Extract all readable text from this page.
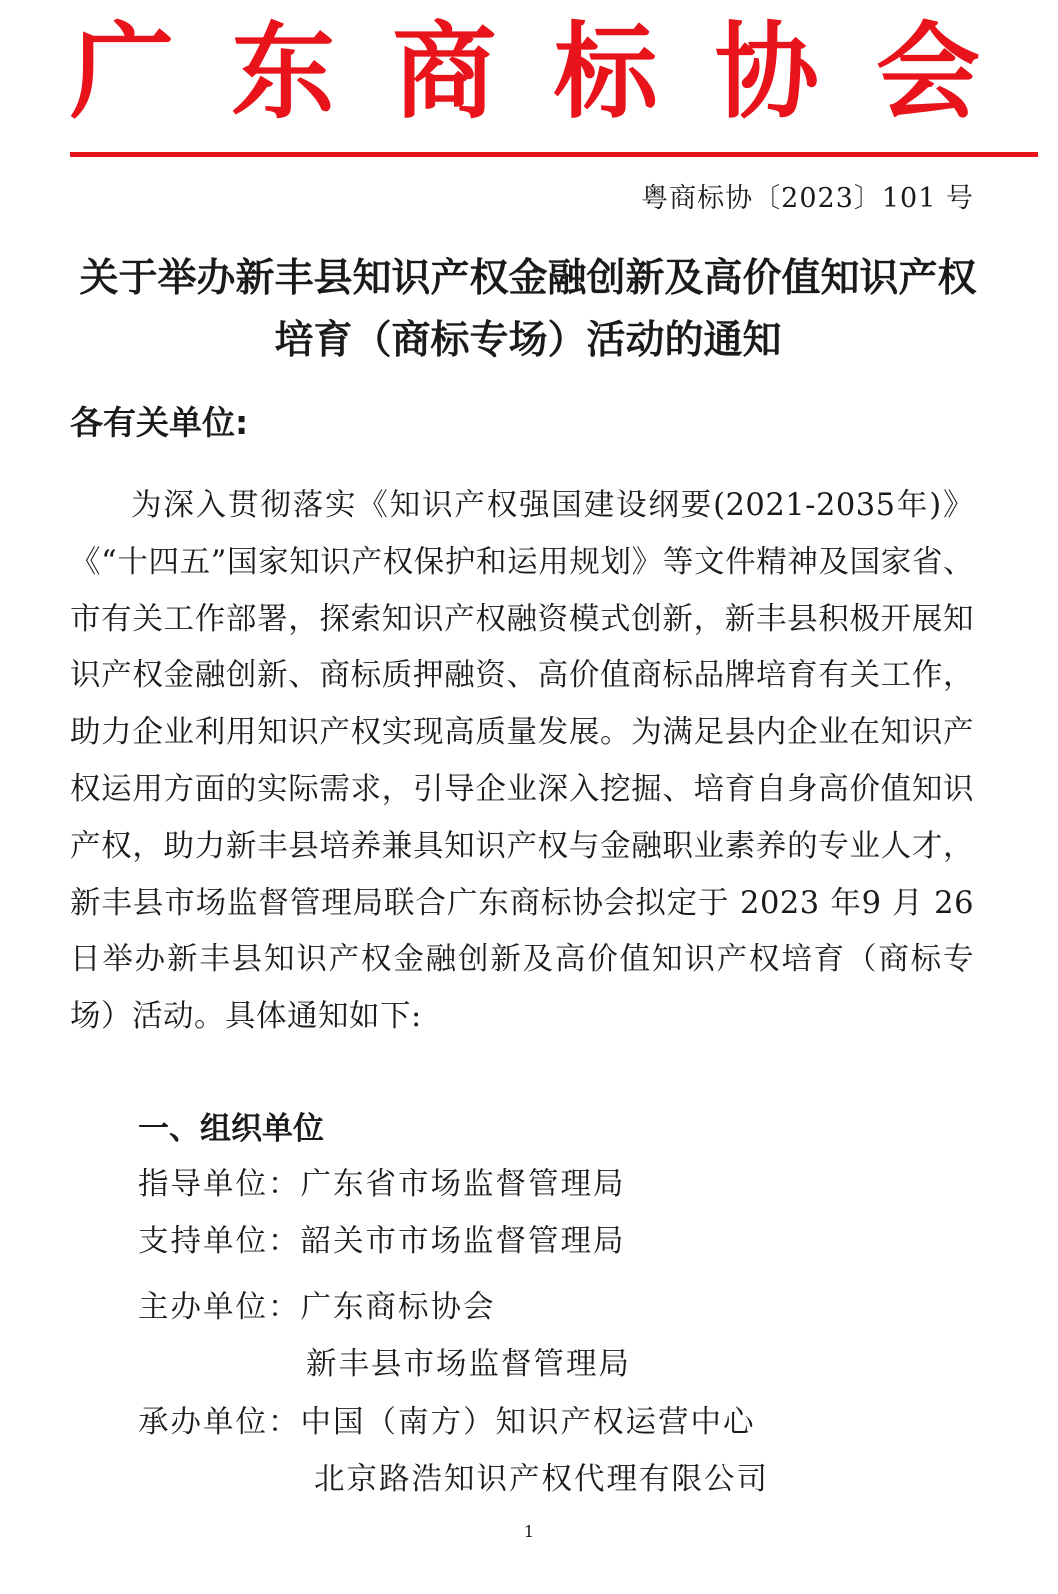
广 东 商 标 协 会
粤商标协〔2023〕101 号
关于举办新丰县知识产权金融创新及高价值知识产权培育（商标专场）活动的通知
各有关单位:

为深入贯彻落实《知识产权强国建设纲要(2021-2035年)》《“十四五”国家知识产权保护和运用规划》等文件精神及国家省、市有关工作部署，探索知识产权融资模式创新，新丰县积极开展知识产权金融创新、商标质押融资、高价值商标品牌培育有关工作，助力企业利用知识产权实现高质量发展。为满足县内企业在知识产权运用方面的实际需求，引导企业深入挖掘、培育自身高价值知识产权，助力新丰县培养兼具知识产权与金融职业素养的专业人才，新丰县市场监督管理局联合广东商标协会拟定于 2023 年9 月 26 日举办新丰县知识产权金融创新及高价值知识产权培育（商标专场）活动。具体通知如下:

一、组织单位
指导单位：广东省市场监督管理局
支持单位：韶关市市场监督管理局
主办单位：广东商标协会
新丰县市场监督管理局
承办单位：中国（南方）知识产权运营中心
北京路浩知识产权代理有限公司
1
